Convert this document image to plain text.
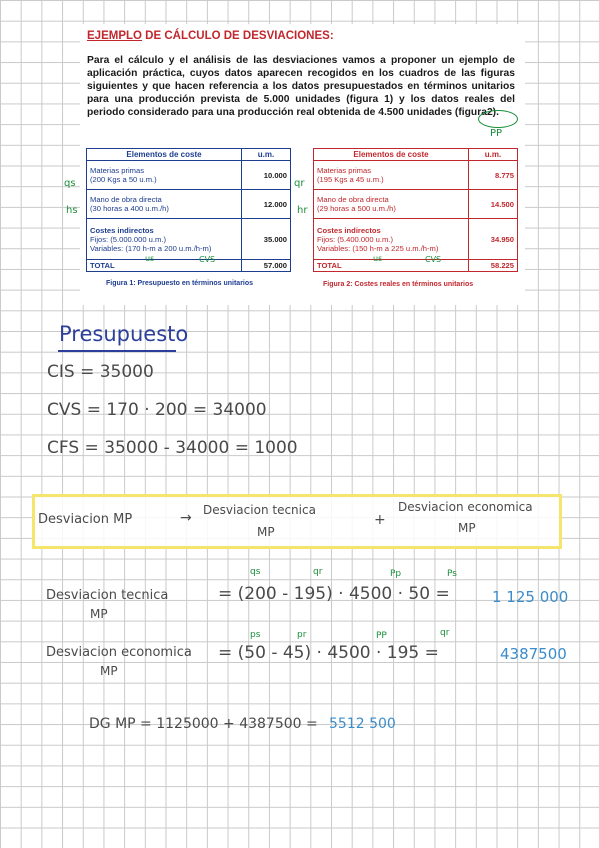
EJEMPLO DE CÁLCULO DE DESVIACIONES:
Para el cálculo y el análisis de las desviaciones vamos a proponer un ejemplo de aplicación práctica, cuyos datos aparecen recogidos en los cuadros de las figuras siguientes y que hacen referencia a los datos presupuestados en términos unitarios para una producción prevista de 5.000 unidades (figura 1) y los datos reales del periodo considerado para una producción real obtenida de 4.500 unidades (figura2).
Elementos de coste	u.m.

Materias primas
(200 Kgs a 50 u.m.)	10.000

Mano de obra directa
(30 horas a 400 u.m./h)	12.000

Costes indirectos
Fijos: (5.000.000 u.m.)
Variables: (170 h-m a 200 u.m./h-m)	35.000
TOTAL	57.000
Elementos de coste	u.m.

Materias primas
(195 Kgs a 45 u.m.)	8.775

Mano de obra directa
(29 horas a 500 u.m./h)	14.500

Costes indirectos
Fijos: (5.400.000 u.m.)
Variables: (150 h-m a 225 u.m./h-m)	34.950
TOTAL	58.225
Figura 1: Presupuesto en términos unitarios	Figura 2: Costes reales en términos unitarios
PP
qs
hs
qr
hr
us	CVS	us	CVS
Presupuesto
CIS = 35000
CVS = 170 · 200 = 34000
CFS = 35000 - 34000 = 1000
Desviacion MP	→ Desviacion tecnica
MP
+
Desviacion economica
MP
Desviacion tecnica
MP
qs	qr	Pp	Ps
= (200 - 195) · 4500 · 50 =	1 125 000
Desviacion economica
MP
ps	pr	PP	qr
= (50 - 45) · 4500 · 195 =	4387500
DG MP = 1125000 + 4387500 = 5512 500
